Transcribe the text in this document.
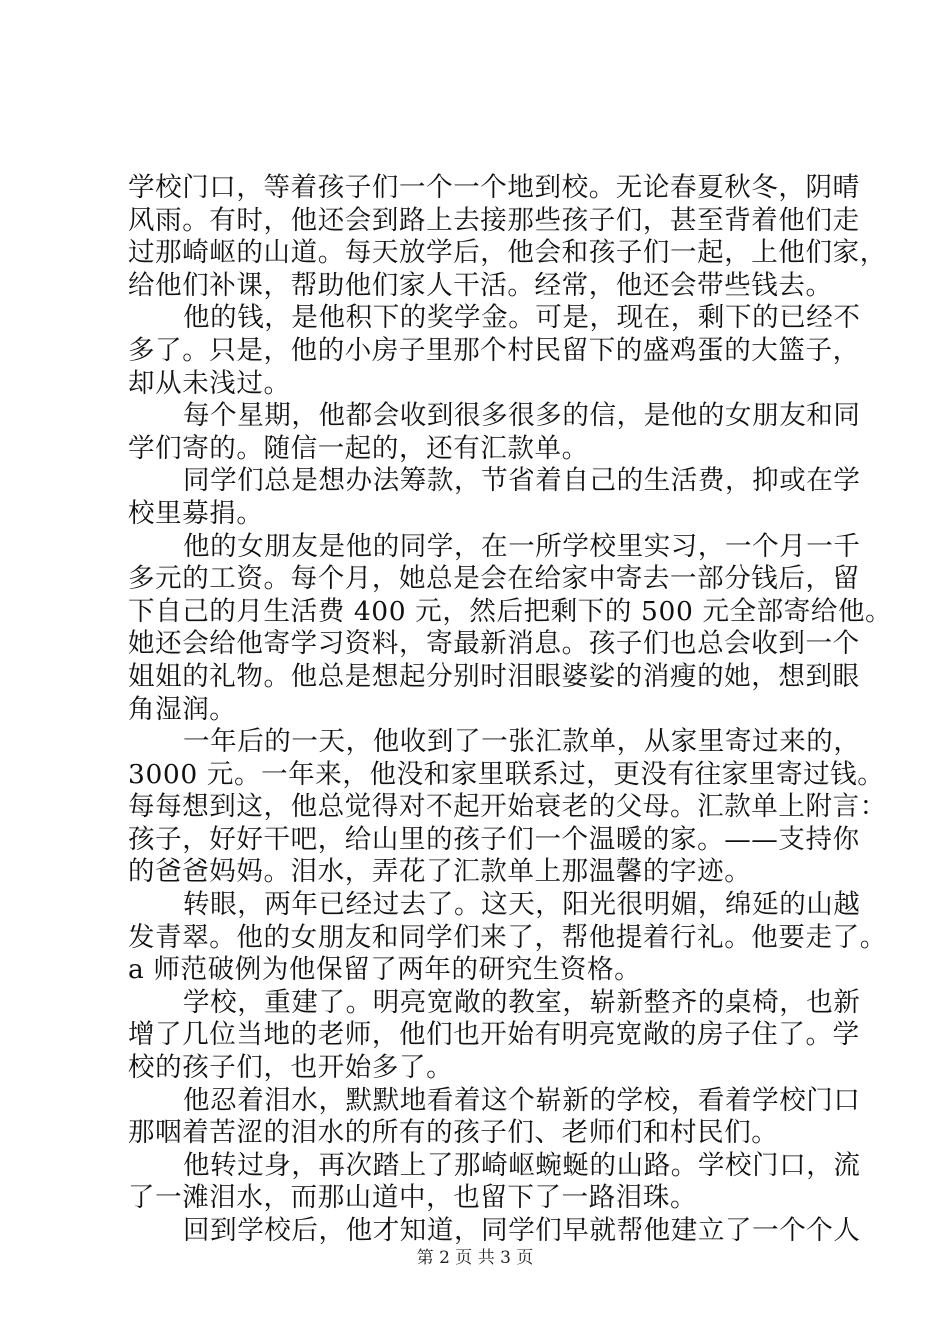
学校门口，等着孩子们一个一个地到校。无论春夏秋冬，阴晴
风雨。有时，他还会到路上去接那些孩子们，甚至背着他们走
过那崎岖的山道。每天放学后，他会和孩子们一起，上他们家，
给他们补课，帮助他们家人干活。经常，他还会带些钱去。
他的钱，是他积下的奖学金。可是，现在，剩下的已经不
多了。只是，他的小房子里那个村民留下的盛鸡蛋的大篮子，
却从未浅过。
每个星期，他都会收到很多很多的信，是他的女朋友和同
学们寄的。随信一起的，还有汇款单。
同学们总是想办法筹款，节省着自己的生活费，抑或在学
校里募捐。
他的女朋友是他的同学，在一所学校里实习，一个月一千
多元的工资。每个月，她总是会在给家中寄去一部分钱后，留
下自己的月生活费 400 元，然后把剩下的 500 元全部寄给他。
她还会给他寄学习资料，寄最新消息。孩子们也总会收到一个
姐姐的礼物。他总是想起分别时泪眼婆娑的消瘦的她，想到眼
角湿润。
一年后的一天，他收到了一张汇款单，从家里寄过来的，
3000 元。一年来，他没和家里联系过，更没有往家里寄过钱。
每每想到这，他总觉得对不起开始衰老的父母。汇款单上附言：
孩子，好好干吧，给山里的孩子们一个温暖的家。——支持你
的爸爸妈妈。泪水，弄花了汇款单上那温馨的字迹。
转眼，两年已经过去了。这天，阳光很明媚，绵延的山越
发青翠。他的女朋友和同学们来了，帮他提着行礼。他要走了。
a 师范破例为他保留了两年的研究生资格。
学校，重建了。明亮宽敞的教室，崭新整齐的桌椅，也新
增了几位当地的老师，他们也开始有明亮宽敞的房子住了。学
校的孩子们，也开始多了。
他忍着泪水，默默地看着这个崭新的学校，看着学校门口
那咽着苦涩的泪水的所有的孩子们、老师们和村民们。
他转过身，再次踏上了那崎岖蜿蜒的山路。学校门口，流
了一滩泪水，而那山道中，也留下了一路泪珠。
回到学校后，他才知道，同学们早就帮他建立了一个个人
第 2 页 共 3 页
